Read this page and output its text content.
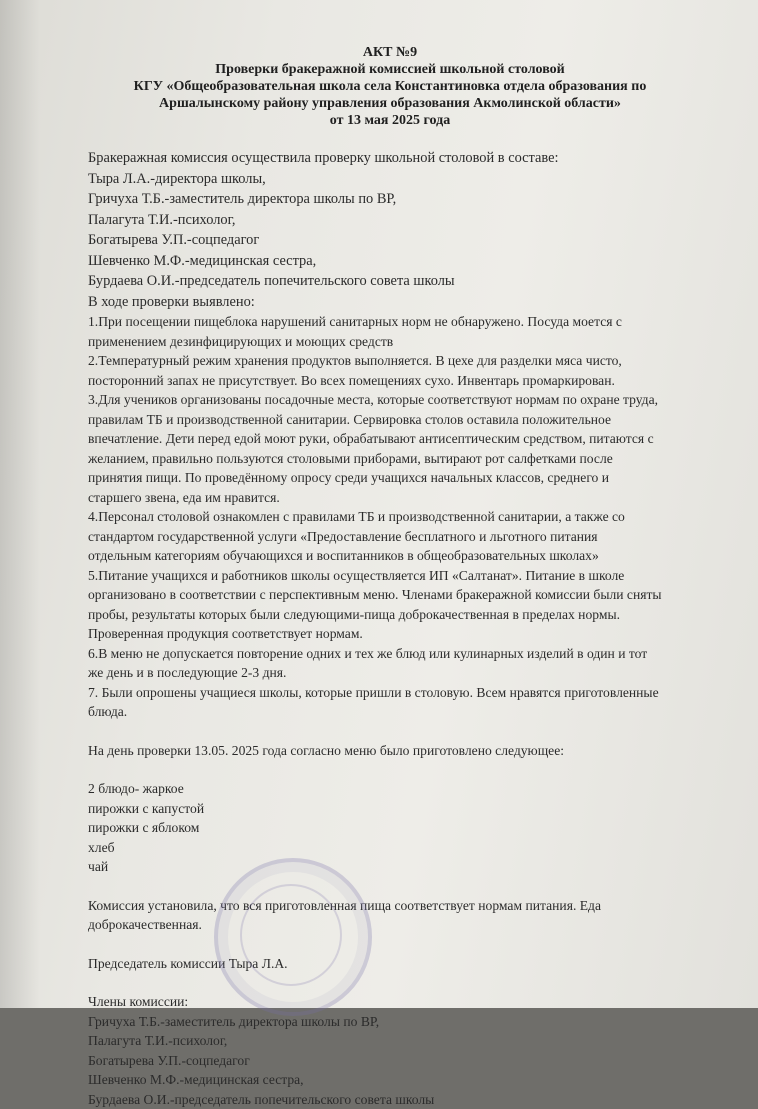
АКТ №9
Проверки бракеражной комиссией школьной столовой
КГУ «Общеобразовательная школа села Константиновка отдела образования по
Аршалынскому району управления образования Акмолинской области»
от 13 мая 2025 года
Бракеражная комиссия осуществила проверку школьной столовой в составе:
Тыра Л.А.-директора школы,
Гричуха Т.Б.-заместитель директора школы по ВР,
Палагута Т.И.-психолог,
Богатырева У.П.-соцпедагог
Шевченко М.Ф.-медицинская сестра,
Бурдаева О.И.-председатель попечительского совета школы
В ходе проверки выявлено:
1.При посещении пищеблока нарушений санитарных норм не обнаружено. Посуда моется с
применением дезинфицирующих и моющих средств
2.Температурный режим хранения продуктов выполняется. В цехе для разделки мяса чисто,
посторонний запах не присутствует. Во всех помещениях сухо. Инвентарь промаркирован.
3.Для учеников организованы посадочные места, которые соответствуют нормам по охране труда,
правилам ТБ и производственной санитарии. Сервировка столов оставила положительное
впечатление. Дети перед едой моют руки, обрабатывают антисептическим средством, питаются с
желанием, правильно пользуются столовыми приборами, вытирают рот салфетками после
принятия пищи. По проведённому опросу среди учащихся начальных классов, среднего и
старшего звена, еда им нравится.
4.Персонал столовой ознакомлен с правилами ТБ и производственной санитарии, а также со
стандартом государственной услуги «Предоставление бесплатного и льготного питания
отдельным категориям обучающихся и воспитанников в общеобразовательных школах»
5.Питание учащихся и работников школы осуществляется ИП «Салтанат». Питание в школе
организовано в соответствии с перспективным меню. Членами бракеражной комиссии были сняты
пробы, результаты которых были следующими-пища доброкачественная в пределах нормы.
Проверенная продукция соответствует нормам.
6.В меню не допускается повторение одних и тех же блюд или кулинарных изделий в один и тот
же день и в последующие 2-3 дня.
7. Были опрошены учащиеся школы, которые пришли в столовую. Всем нравятся приготовленные
блюда.
На день проверки 13.05. 2025 года согласно меню было приготовлено следующее:
2 блюдо- жаркое
пирожки с капустой
пирожки с яблоком
хлеб
чай
Комиссия установила, что вся приготовленная пища соответствует нормам питания. Еда
доброкачественная.
Председатель комиссии Тыра Л.А.
Члены комиссии:
Гричуха Т.Б.-заместитель директора школы по ВР,
Палагута Т.И.-психолог,
Богатырева У.П.-соцпедагог
Шевченко М.Ф.-медицинская сестра,
Бурдаева О.И.-председатель попечительского совета школы
